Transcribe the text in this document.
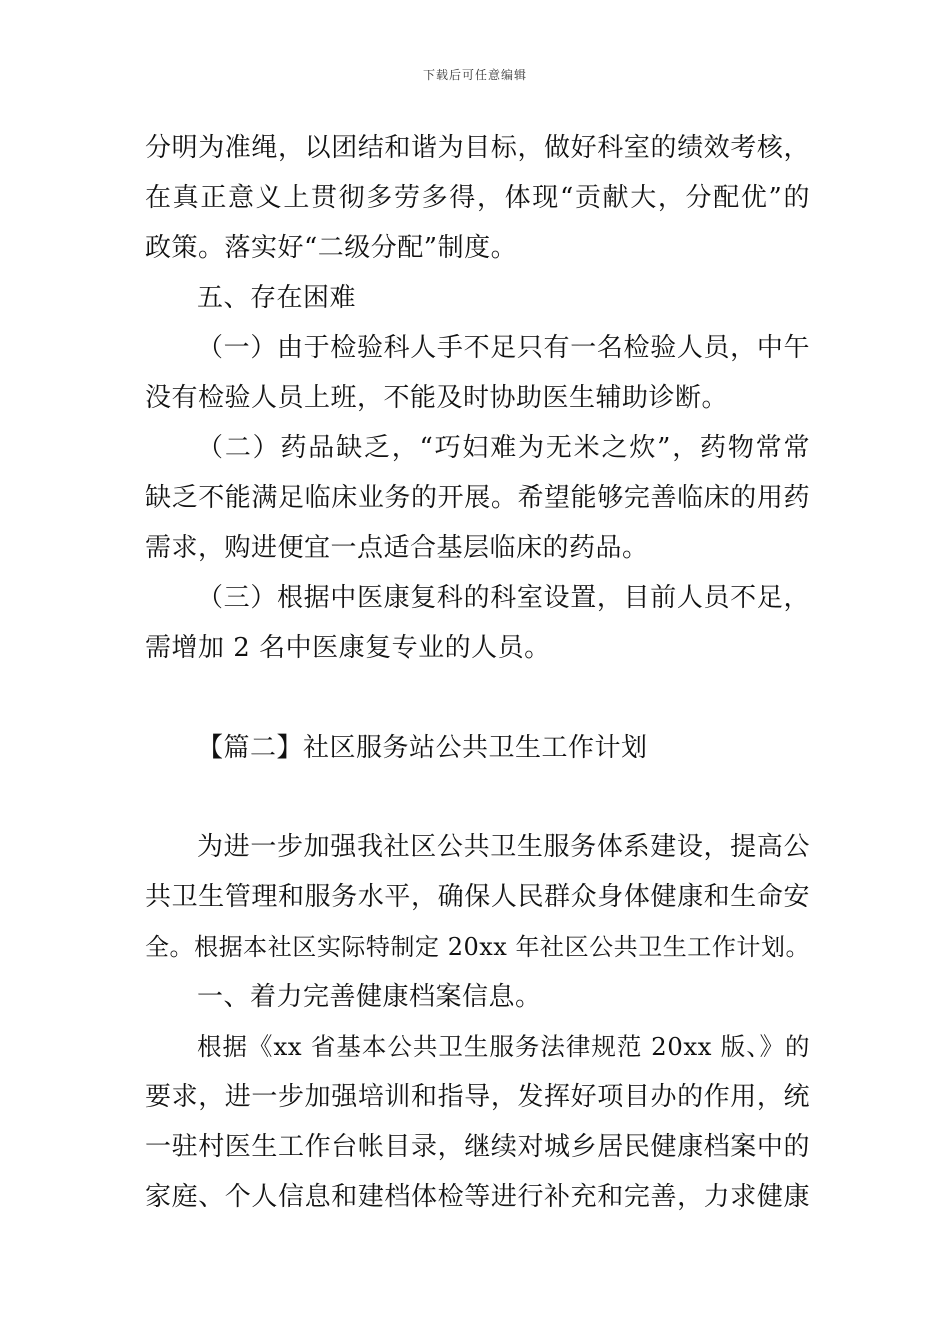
下载后可任意编辑
分明为准绳，以团结和谐为目标，做好科室的绩效考核，
在真正意义上贯彻多劳多得，体现“贡献大，分配优”的
政策。落实好“二级分配”制度。
五、存在困难
（一）由于检验科人手不足只有一名检验人员，中午
没有检验人员上班，不能及时协助医生辅助诊断。
（二）药品缺乏，“巧妇难为无米之炊”，药物常常
缺乏不能满足临床业务的开展。希望能够完善临床的用药
需求，购进便宜一点适合基层临床的药品。
（三）根据中医康复科的科室设置，目前人员不足，
需增加 2 名中医康复专业的人员。
【篇二】社区服务站公共卫生工作计划
为进一步加强我社区公共卫生服务体系建设，提高公
共卫生管理和服务水平，确保人民群众身体健康和生命安
全。根据本社区实际特制定 20xx 年社区公共卫生工作计划。
一、着力完善健康档案信息。
根据《xx 省基本公共卫生服务法律规范 20xx 版、》的
要求，进一步加强培训和指导，发挥好项目办的作用，统
一驻村医生工作台帐目录，继续对城乡居民健康档案中的
家庭、个人信息和建档体检等进行补充和完善，力求健康
